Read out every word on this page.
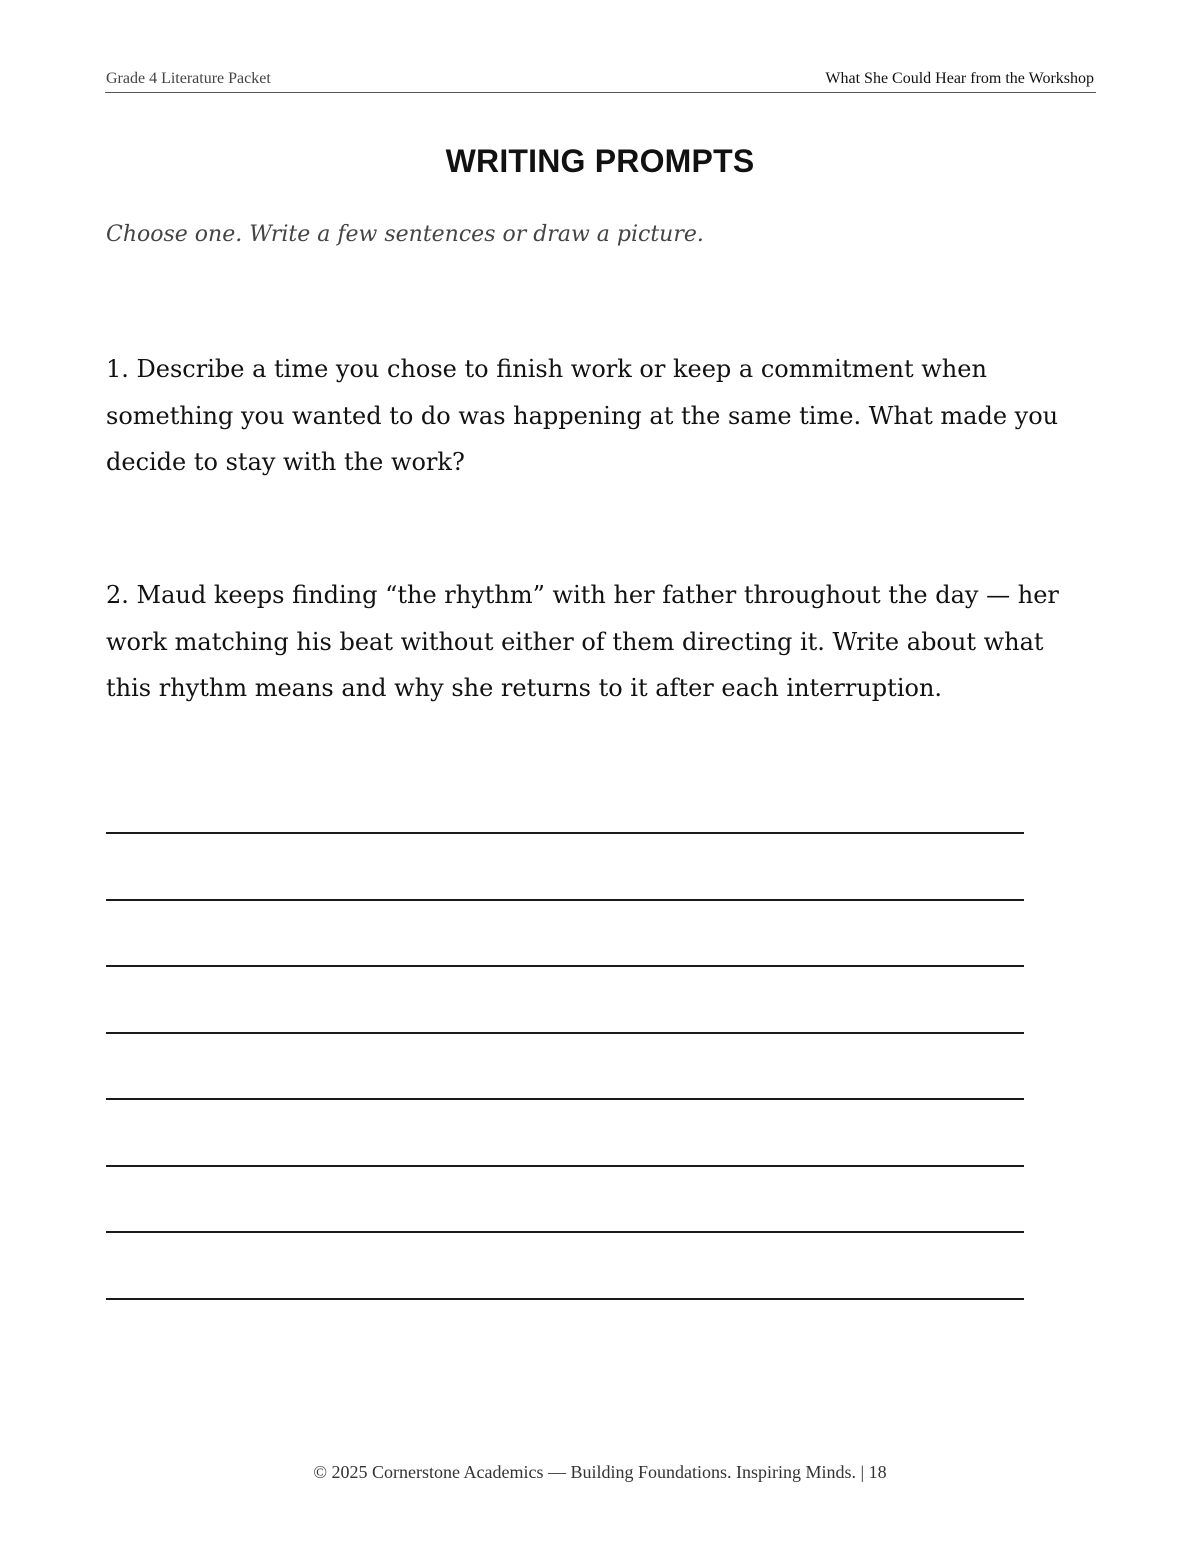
Grade 4 Literature Packet	What She Could Hear from the Workshop
WRITING PROMPTS
Choose one. Write a few sentences or draw a picture.

1. Describe a time you chose to finish work or keep a commitment when something you wanted to do was happening at the same time. What made you decide to stay with the work?

2. Maud keeps finding “the rhythm” with her father throughout the day — her work matching his beat without either of them directing it. Write about what this rhythm means and why she returns to it after each interruption.

© 2025 Cornerstone Academics — Building Foundations. Inspiring Minds. | 18
